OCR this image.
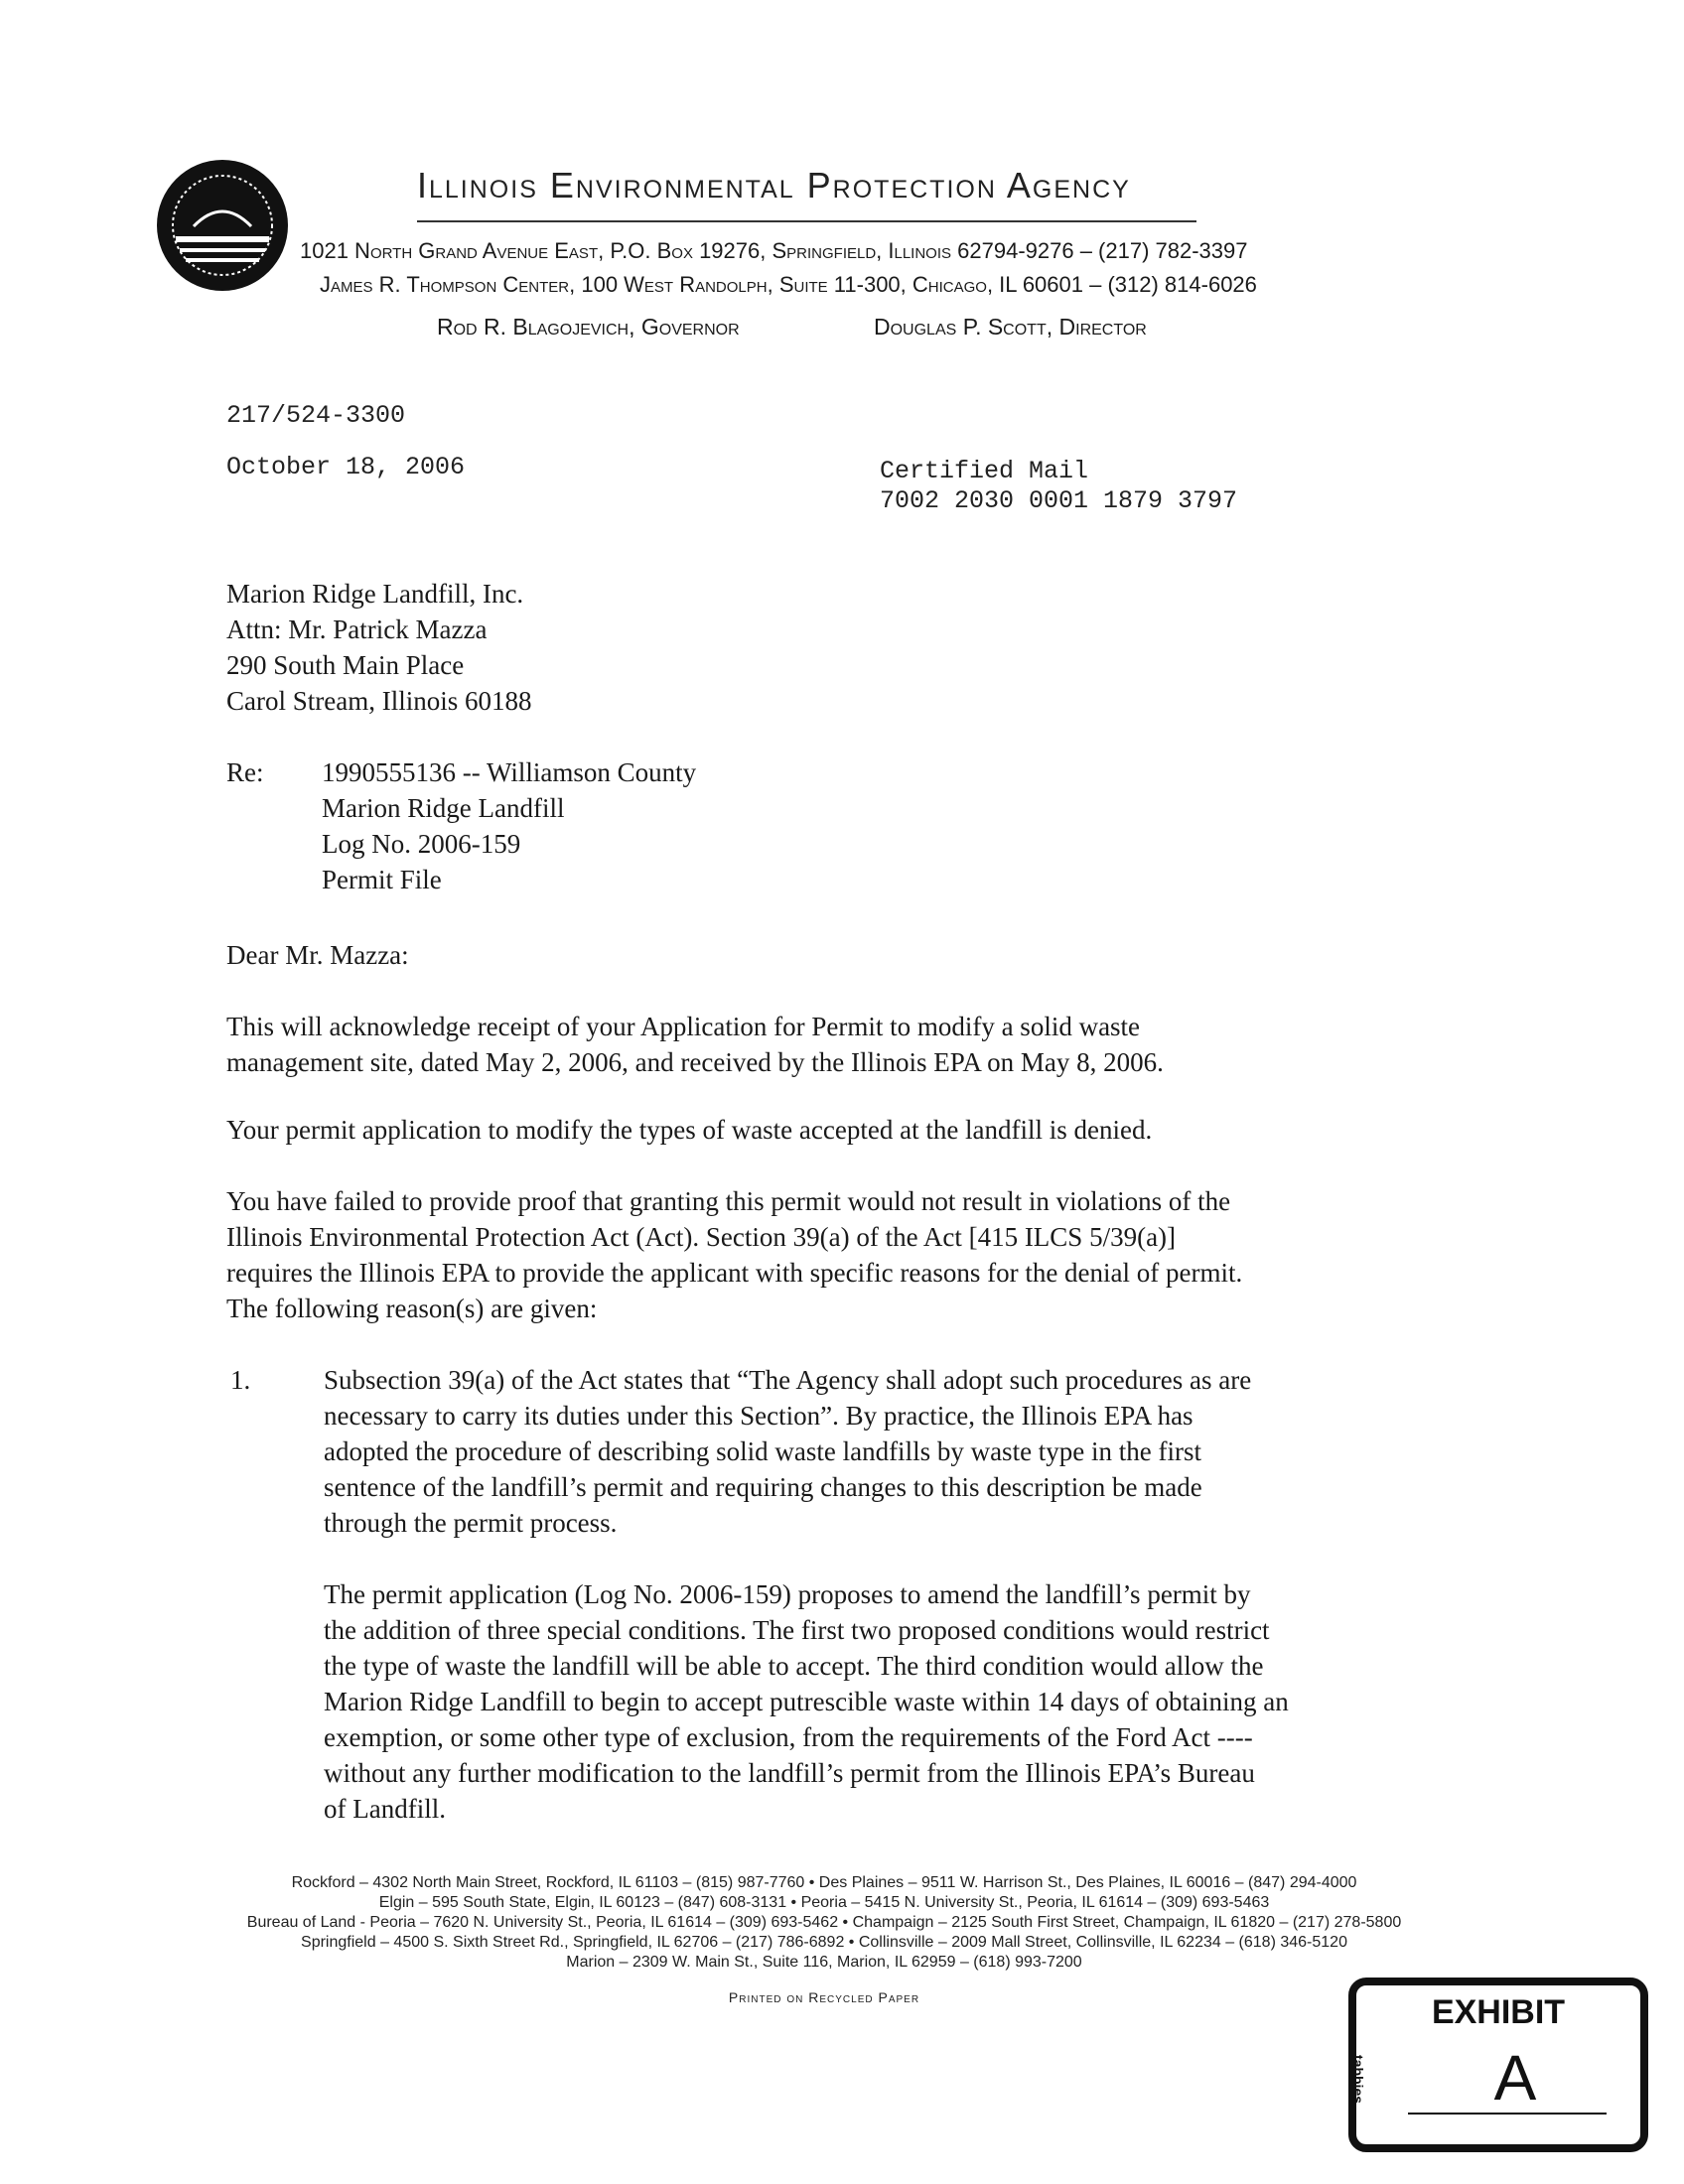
Illinois Environmental Protection Agency
1021 North Grand Avenue East, P.O. Box 19276, Springfield, Illinois 62794-9276 – (217) 782-3397
James R. Thompson Center, 100 West Randolph, Suite 11-300, Chicago, IL 60601 – (312) 814-6026
Rod R. Blagojevich, Governor	Douglas P. Scott, Director
217/524-3300
October 18, 2006	Certified Mail
7002 2030 0001 1879 3797
Marion Ridge Landfill, Inc.
Attn: Mr. Patrick Mazza
290 South Main Place
Carol Stream, Illinois 60188
Re: 1990555136 -- Williamson County
Marion Ridge Landfill
Log No. 2006-159
Permit File
Dear Mr. Mazza:
This will acknowledge receipt of your Application for Permit to modify a solid waste
management site, dated May 2, 2006, and received by the Illinois EPA on May 8, 2006.
Your permit application to modify the types of waste accepted at the landfill is denied.
You have failed to provide proof that granting this permit would not result in violations of the
Illinois Environmental Protection Act (Act). Section 39(a) of the Act [415 ILCS 5/39(a)]
requires the Illinois EPA to provide the applicant with specific reasons for the denial of permit.
The following reason(s) are given:
1.	Subsection 39(a) of the Act states that “The Agency shall adopt such procedures as are
necessary to carry its duties under this Section”. By practice, the Illinois EPA has
adopted the procedure of describing solid waste landfills by waste type in the first
sentence of the landfill’s permit and requiring changes to this description be made
through the permit process.
The permit application (Log No. 2006-159) proposes to amend the landfill’s permit by
the addition of three special conditions. The first two proposed conditions would restrict
the type of waste the landfill will be able to accept. The third condition would allow the
Marion Ridge Landfill to begin to accept putrescible waste within 14 days of obtaining an
exemption, or some other type of exclusion, from the requirements of the Ford Act ----
without any further modification to the landfill’s permit from the Illinois EPA’s Bureau
of Landfill.
Rockford – 4302 North Main Street, Rockford, IL 61103 – (815) 987-7760 • Des Plaines – 9511 W. Harrison St., Des Plaines, IL 60016 – (847) 294-4000
Elgin – 595 South State, Elgin, IL 60123 – (847) 608-3131 • Peoria – 5415 N. University St., Peoria, IL 61614 – (309) 693-5463
Bureau of Land - Peoria – 7620 N. University St., Peoria, IL 61614 – (309) 693-5462 • Champaign – 2125 South First Street, Champaign, IL 61820 – (217) 278-5800
Springfield – 4500 S. Sixth Street Rd., Springfield, IL 62706 – (217) 786-6892 • Collinsville – 2009 Mall Street, Collinsville, IL 62234 – (618) 346-5120
Marion – 2309 W. Main St., Suite 116, Marion, IL 62959 – (618) 993-7200
Printed on Recycled Paper	EXHIBIT
tabbies	A
